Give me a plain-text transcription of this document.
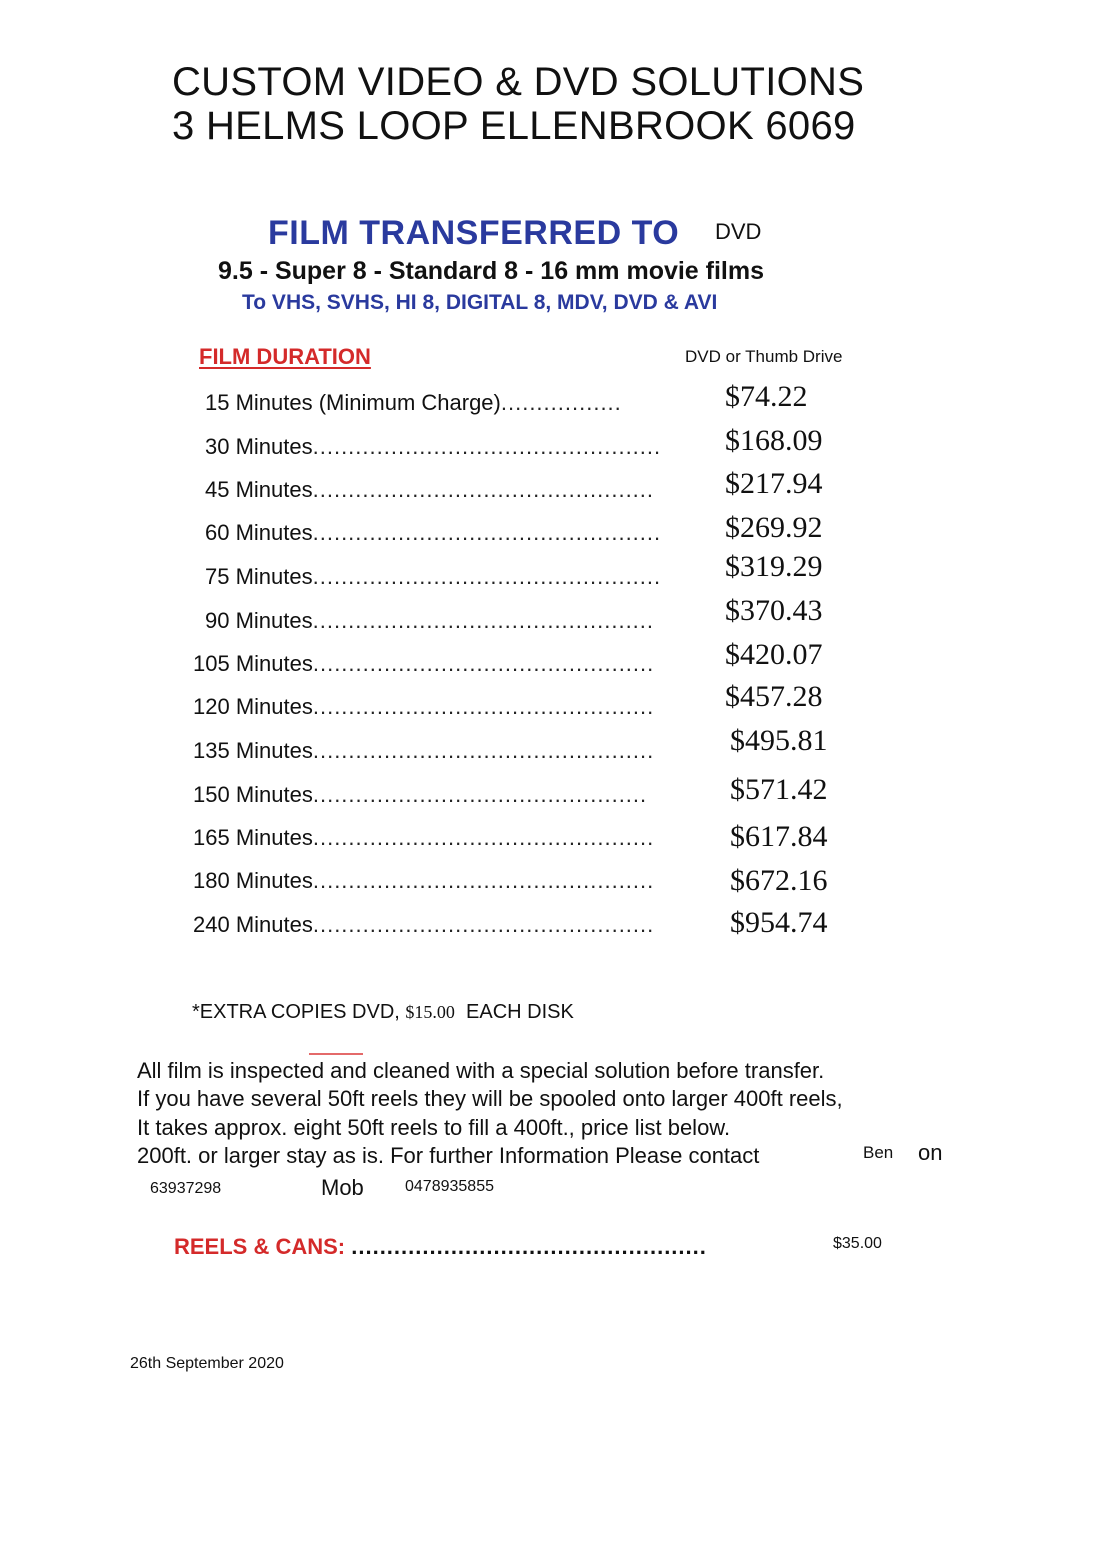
CUSTOM VIDEO & DVD SOLUTIONS
3 HELMS LOOP ELLENBROOK 6069
FILM TRANSFERRED TO DVD
9.5 - Super 8 - Standard 8 - 16 mm movie films
To VHS, SVHS, HI 8, DIGITAL 8, MDV, DVD & AVI
FILM DURATION	DVD or Thumb Drive
15 Minutes (Minimum Charge).................	$74.22
30 Minutes................................................. $168.09
45 Minutes................................................ $217.94
60 Minutes................................................. $269.92
75 Minutes................................................. $319.29
90 Minutes................................................ $370.43
105 Minutes................................................ $420.07
120 Minutes................................................ $457.28
135 Minutes................................................	$495.81
150 Minutes...............................................	$571.42
165 Minutes................................................	$617.84
180 Minutes................................................	$672.16
240 Minutes................................................	$954.74
*EXTRA COPIES DVD, $15.00 EACH DISK
All film is inspected and cleaned with a special solution before transfer.
If you have several 50ft reels they will be spooled onto larger 400ft reels,
It takes approx. eight 50ft reels to fill a 400ft., price list below.
200ft. or larger stay as is. For further Information Please contact	Ben on
63937298	Mob	0478935855
REELS & CANS: ..................................................	$35.00
26th September 2020
